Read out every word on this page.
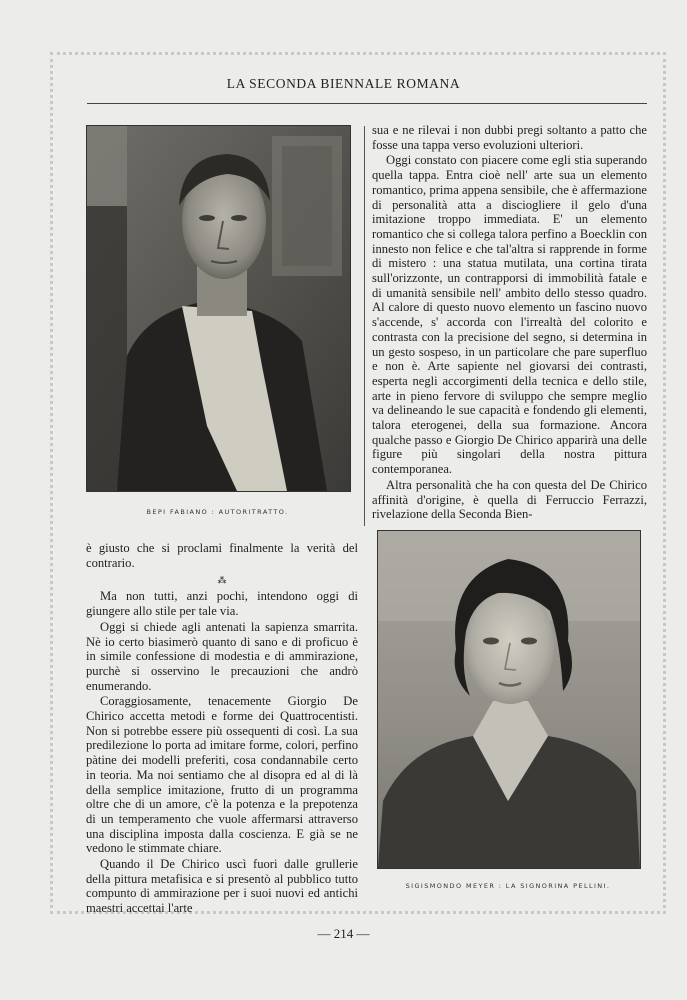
LA SECONDA BIENNALE ROMANA
BEPI FABIANO : AUTORITRATTO.

sua e ne rilevai i non dubbi pregi soltanto a patto che fosse una tappa verso evoluzioni ulteriori.

Oggi constato con piacere come egli stia superando quella tappa. Entra cioè nell' arte sua un elemento romantico, prima appena sensibile, che è affermazione di personalità atta a disciogliere il gelo d'una imitazione troppo immediata. E' un elemento romantico che si collega talora perfino a Boecklin con innesto non felice e che tal'altra si rapprende in forme di mistero : una statua mutilata, una cortina tirata sull'orizzonte, un contrapporsi di immobilità fatale e di umanità sensibile nell' ambito dello stesso quadro. Al calore di questo nuovo elemento un fascino nuovo s'accende, s' accorda con l'irrealtà del colorito e contrasta con la precisione del segno, si determina in un gesto sospeso, in un particolare che pare superfluo e non è. Arte sapiente nel giovarsi dei contrasti, esperta negli accorgimenti della tecnica e dello stile, arte in pieno fervore di sviluppo che sempre meglio va delineando le sue capacità e fondendo gli elementi, talora eterogenei, della sua formazione. Ancora qualche passo e Giorgio De Chirico apparirà una delle figure più singolari della nostra pittura contemporanea.

Altra personalità che ha con questa del De Chirico affinità d'origine, è quella di Ferruccio Ferrazzi, rivelazione della Seconda Bien-

è giusto che si proclami finalmente la verità del contrario.

⁂

Ma non tutti, anzi pochi, intendono oggi di giungere allo stile per tale via.

Oggi si chiede agli antenati la sapienza smarrita. Nè io certo biasimerò quanto di sano e di proficuo è in simile confessione di modestia e di ammirazione, purchè si osservino le precauzioni che andrò enumerando.

Coraggiosamente, tenacemente Giorgio De Chirico accetta metodi e forme dei Quattrocentisti. Non si potrebbe essere più ossequenti di così. La sua predilezione lo porta ad imitare forme, colori, perfino pàtine dei modelli preferiti, cosa condannabile certo in teoria. Ma noi sentiamo che al disopra ed al di là della semplice imitazione, frutto di un programma oltre che di un amore, c'è la potenza e la prepotenza di un temperamento che vuole affermarsi attraverso una disciplina imposta dalla coscienza. E già se ne vedono le stimmate chiare.

Quando il De Chirico uscì fuori dalle grullerie della pittura metafisica e si presentò al pubblico tutto compunto di ammirazione per i suoi nuovi ed antichi maestri accettai l'arte

SIGISMONDO MEYER : LA SIGNORINA PELLINI.
— 214 —
